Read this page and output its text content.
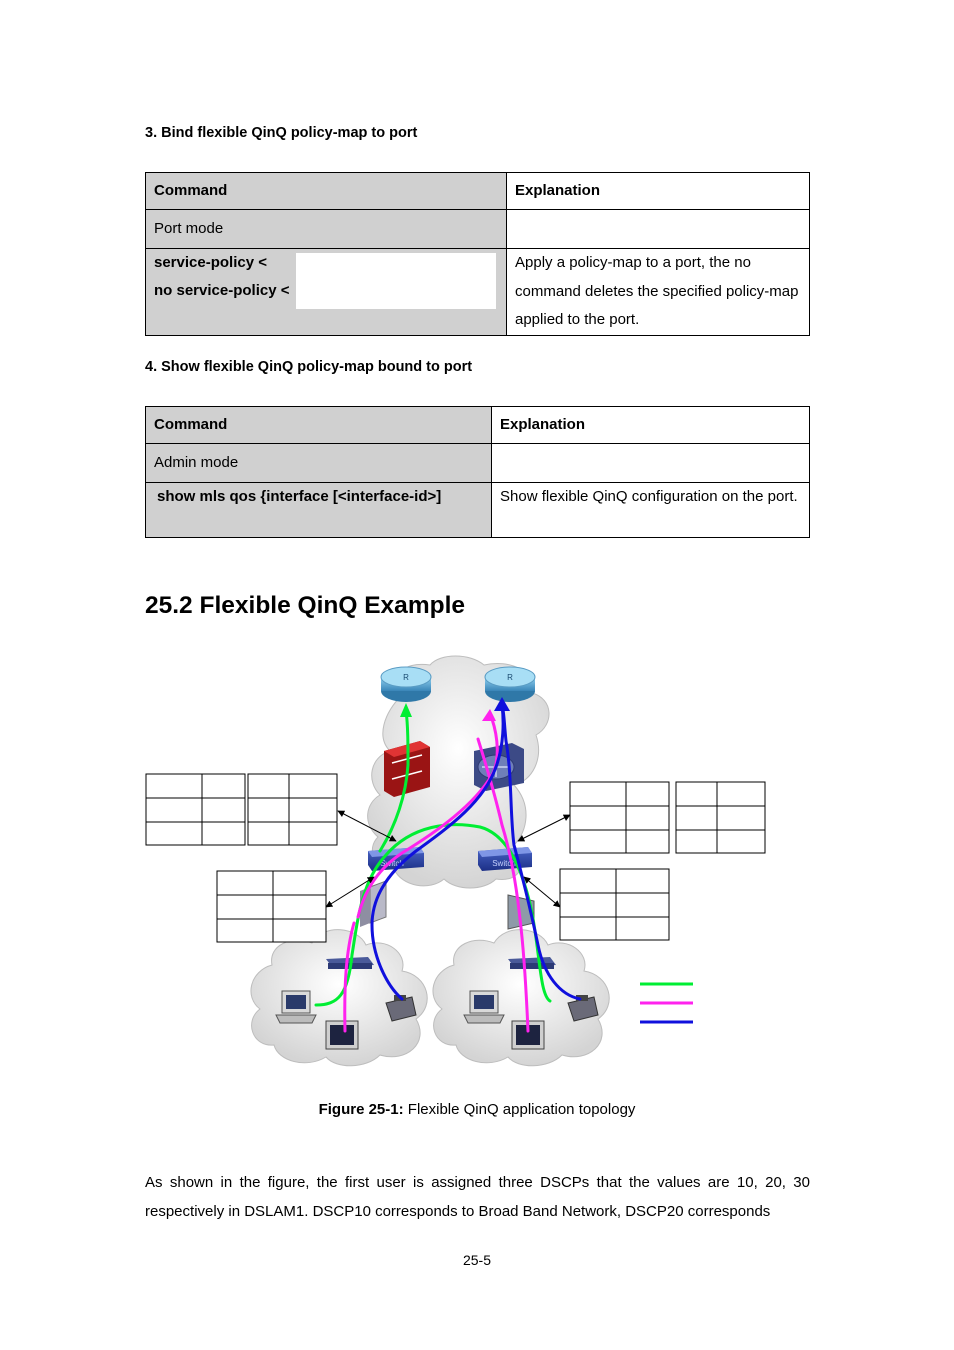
3. Bind flexible QinQ policy-map to port
Command	Explanation
Port mode	

service-policy <
no service-policy <	Apply a policy-map to a port, the no command deletes the specified policy-map applied to the port.
4. Show flexible QinQ policy-map bound to port
Command	Explanation
Admin mode	
show mls qos {interface [<interface-id>]	Show flexible QinQ configuration on the port.
25.2 Flexible QinQ Example
R	R
Switch	Switch
Figure 25-1: Flexible QinQ application topology
As shown in the figure, the first user is assigned three DSCPs that the values are 10, 20, 30 respectively in DSLAM1. DSCP10 corresponds to Broad Band Network, DSCP20 corresponds
25-5
